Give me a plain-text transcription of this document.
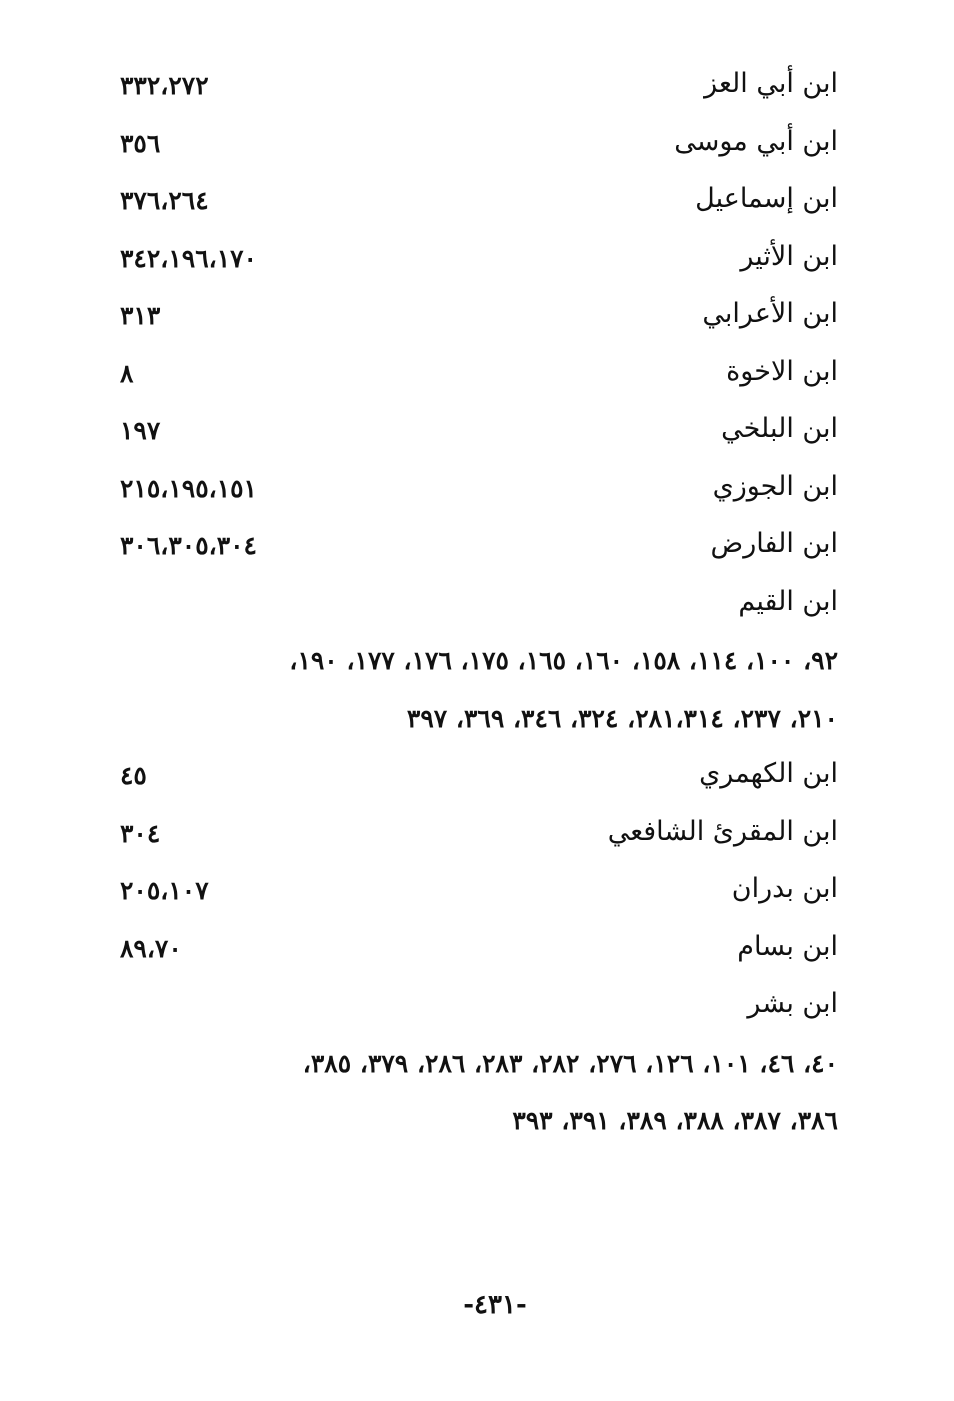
ابن أبي العز
٣٣٢،٢٧٢
ابن أبي موسى
٣٥٦
ابن إسماعيل
٣٧٦،٢٦٤
ابن الأثير
٣٤٢،١٩٦،١٧٠
ابن الأعرابي
٣١٣
ابن الاخوة
٨
ابن البلخي
١٩٧
ابن الجوزي
٢١٥،١٩٥،١٥١
ابن الفارض
٣٠٦،٣٠٥،٣٠٤
ابن القيم
٩٢، ١٠٠، ١١٤، ١٥٨، ١٦٠، ١٦٥، ١٧٥، ١٧٦، ١٧٧، ١٩٠،
٢١٠، ٢٣٧، ٢٨١،٣١٤، ٣٢٤، ٣٤٦، ٣٦٩، ٣٩٧
ابن الكهمري
٤٥
ابن المقرئ الشافعي
٣٠٤
ابن بدران
٢٠٥،١٠٧
ابن بسام
٨٩،٧٠
ابن بشر
٤٠، ٤٦، ١٠١، ١٢٦، ٢٧٦، ٢٨٢، ٢٨٣، ٢٨٦، ٣٧٩، ٣٨٥،
٣٨٦، ٣٨٧، ٣٨٨، ٣٨٩، ٣٩١، ٣٩٣
-٤٣١-
